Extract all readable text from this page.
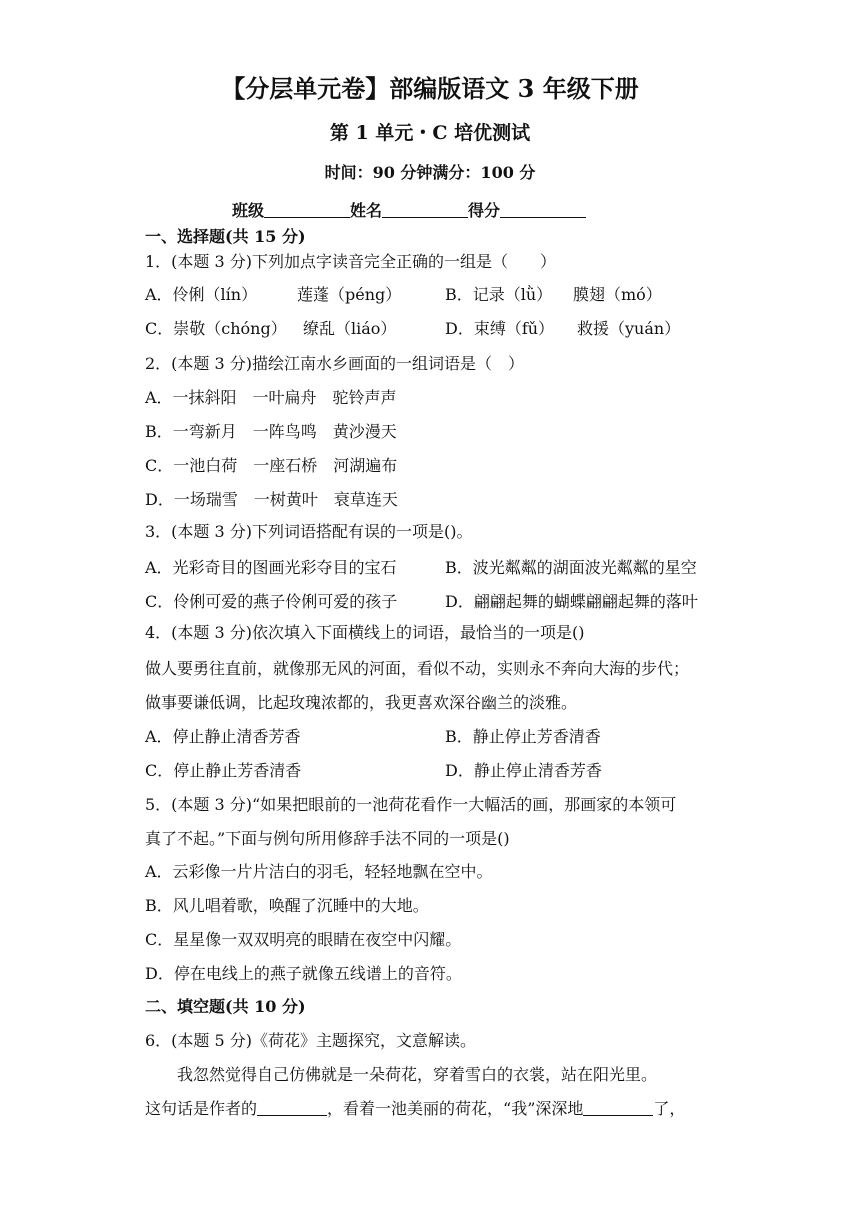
【分层单元卷】部编版语文 3 年级下册
第 1 单元・C 培优测试
时间：90 分钟满分：100 分
班级	姓名	得分
一、选择题(共 15 分)
1．(本题 3 分)下列加点字读音完全正确的一组是（　　）
A．伶俐（lín） 莲蓬（péng）	B．记录（lǜ） 膜翅（mó）
C．崇敬（chóng） 缭乱（liáo）	D．束缚（fǔ） 救援（yuán）
2．(本题 3 分)描绘江南水乡画面的一组词语是（　）
A．一抹斜阳　一叶扁舟　驼铃声声
B．一弯新月　一阵鸟鸣　黄沙漫天
C．一池白荷　一座石桥　河湖遍布
D．一场瑞雪　一树黄叶　衰草连天
3．(本题 3 分)下列词语搭配有误的一项是()。
A．光彩奇目的图画光彩夺目的宝石	B．波光粼粼的湖面波光粼粼的星空
C．伶俐可爱的燕子伶俐可爱的孩子	D．翩翩起舞的蝴蝶翩翩起舞的落叶
4．(本题 3 分)依次填入下面横线上的词语，最恰当的一项是()
做人要勇往直前，就像那无风的河面，看似不动，实则永不奔向大海的步代；
做事要谦低调，比起玫瑰浓都的，我更喜欢深谷幽兰的淡雅。
A．停止静止清香芳香	B．静止停止芳香清香
C．停止静止芳香清香	D．静止停止清香芳香
5．(本题 3 分)“如果把眼前的一池荷花看作一大幅活的画，那画家的本领可
真了不起。”下面与例句所用修辞手法不同的一项是()
A．云彩像一片片洁白的羽毛，轻轻地飘在空中。
B．风儿唱着歌，唤醒了沉睡中的大地。
C．星星像一双双明亮的眼睛在夜空中闪耀。
D．停在电线上的燕子就像五线谱上的音符。
二、填空题(共 10 分)
6．(本题 5 分)《荷花》主题探究，文意解读。
我忽然觉得自己仿佛就是一朵荷花，穿着雪白的衣裳，站在阳光里。
这句话是作者的	，看着一池美丽的荷花，“我”深深地	了，
